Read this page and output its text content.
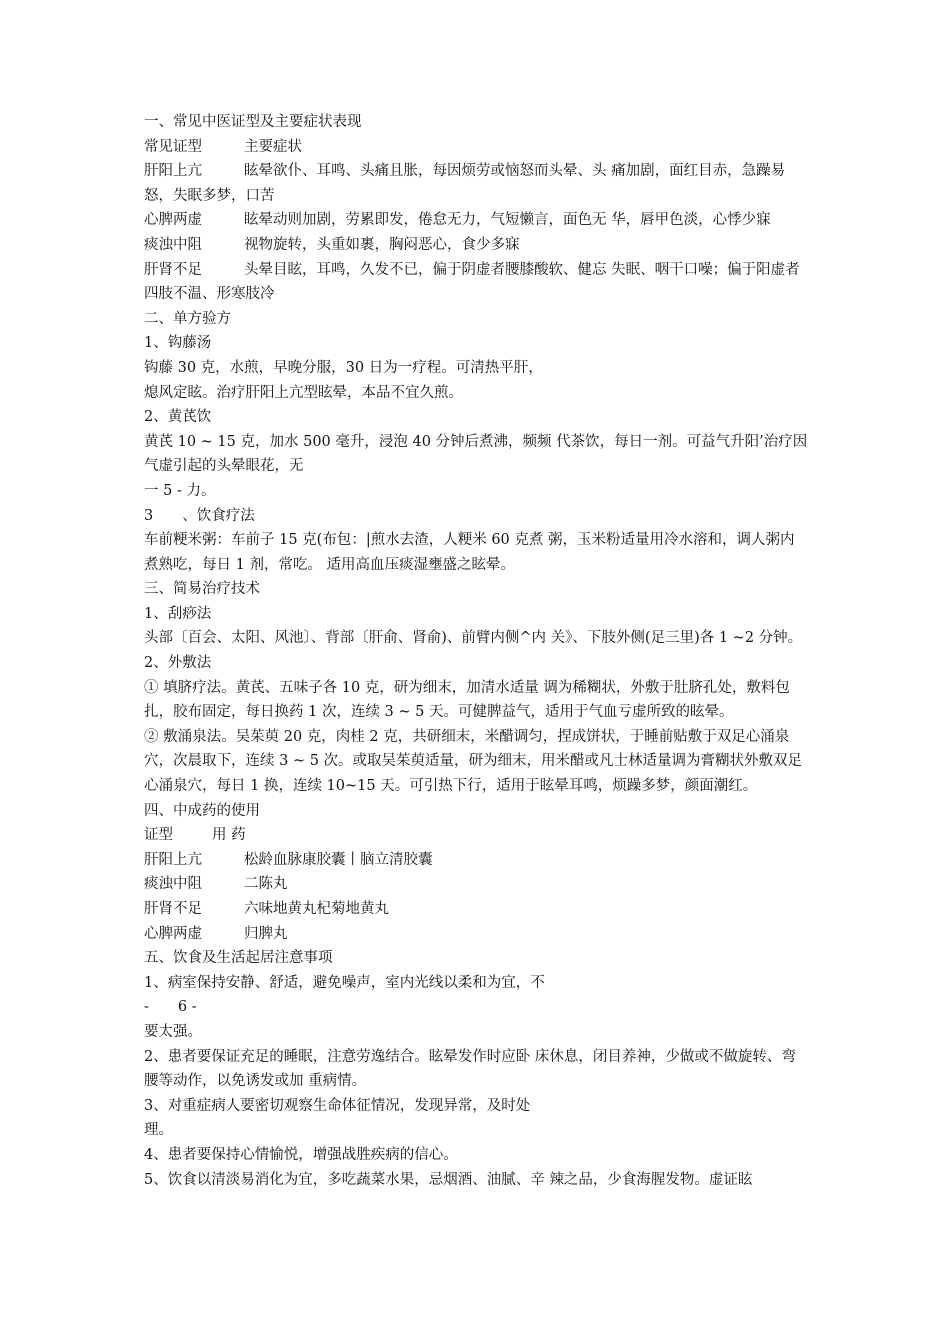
一、常见中医证型及主要症状表现

常见证型	主要症状

肝阳上亢	眩晕欲仆、耳鸣、头痛且胀，每因烦劳或恼怒而头晕、头 痛加剧，面红目赤，急躁易怒，失眠多梦，口苦

心脾两虚	眩晕动则加剧，劳累即发，倦怠无力，气短懒言，面色无 华，唇甲色淡，心悸少寐

痰浊中阻	视物旋转，头重如裹，胸闷恶心，食少多寐

肝肾不足	头晕目眩，耳鸣，久发不已，偏于阴虚者腰膝酸软、健忘 失眠、咽干口噪；偏于阳虚者四肢不温、形寒肢冷

二、单方验方

1、钩藤汤

钩藤 30 克，水煎，早晚分服，30 日为一疗程。可清热平肝，

熄风定眩。治疗肝阳上亢型眩晕，本品不宜久煎。

2、黄芪饮

黄芪 10 ~ 15 克，加水 500 毫升，浸泡 40 分钟后煮沸，频频 代茶饮，每日一剂。可益气升阳’治疗因气虚引起的头晕眼花，无

一 5 - 力。

3　　、饮食疗法

车前粳米粥：车前子 15 克(布包：|煎水去渣，人粳米 60 克煮 粥，玉米粉适量用冷水溶和，调人粥内煮熟吃，每日 1 剂，常吃。 适用高血压痰湿壅盛之眩晕。

三、简易治疗技术

1、刮痧法

头部〔百会、太阳、风池〕、背部〔肝俞、肾俞)、前臂内侧^内 关》、下肢外侧(足三里)各 1 ~2 分钟。

2、外敷法

① 填脐疗法。黄芪、五味子各 10 克，研为细末，加清水适量 调为稀糊状，外敷于肚脐孔处，敷料包扎，胶布固定，每日换药 1 次，连续 3 ~ 5 天。可健脾益气，适用于气血亏虚所致的眩晕。

② 敷涌泉法。吴茱萸 20 克，肉桂 2 克，共研细末，米醋调匀，捏成饼状，于睡前贴敷于双足心涌泉穴，次晨取下，连续 3 ~ 5 次。或取吴茱萸适量，研为细末，用米醋或凡士林适量调为膏糊状外敷双足心涌泉穴，每日 1 换，连续 10~15 天。可引热下行，适用于眩晕耳鸣，烦躁多梦，颜面潮红。

四、中成药的使用

证型	用 药

肝阳上亢	松龄血脉康胶囊丨脑立清胶囊

痰浊中阻	二陈丸

肝肾不足	六味地黄丸杞菊地黄丸

心脾两虚	归脾丸

五、饮食及生活起居注意事项

1、病室保持安静、舒适，避免噪声，室内光线以柔和为宜，不

-　　6 -

要太强。

2、患者要保证充足的睡眠，注意劳逸结合。眩晕发作时应卧 床休息，闭目养神，少做或不做旋转、弯腰等动作，以免诱发或加 重病情。

3、对重症病人要密切观察生命体征情况，发现异常，及时处

理。

4、患者要保持心情愉悦，增强战胜疾病的信心。

5、饮食以清淡易消化为宜，多吃蔬菜水果，忌烟酒、油腻、辛 辣之品，少食海腥发物。虚证眩
